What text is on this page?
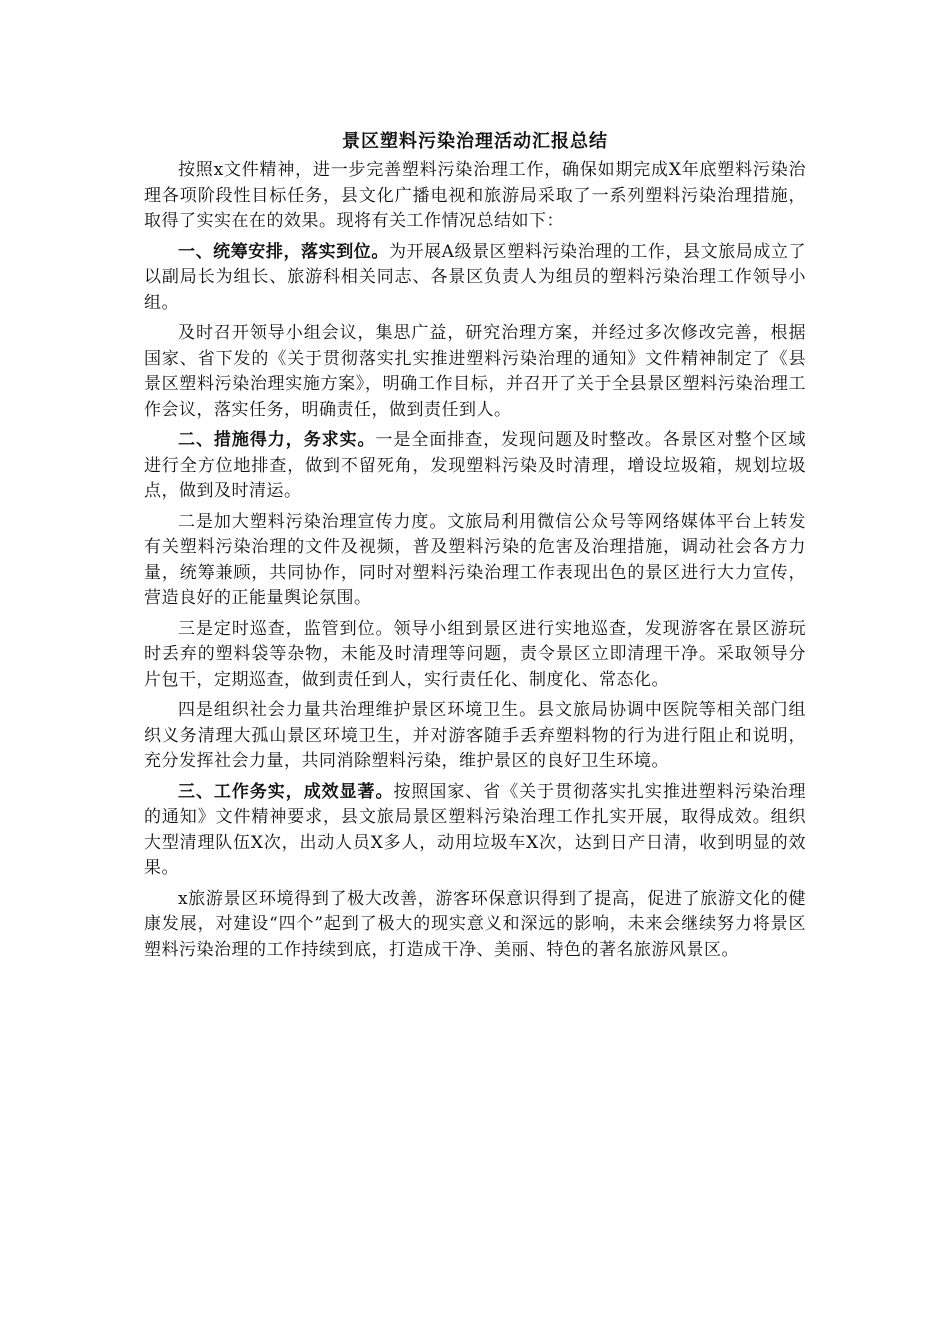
景区塑料污染治理活动汇报总结

按照x文件精神，进一步完善塑料污染治理工作，确保如期完成X年底塑料污染治理各项阶段性目标任务，县文化广播电视和旅游局采取了一系列塑料污染治理措施，取得了实实在在的效果。现将有关工作情况总结如下：

一、统筹安排，落实到位。为开展A级景区塑料污染治理的工作，县文旅局成立了以副局长为组长、旅游科相关同志、各景区负责人为组员的塑料污染治理工作领导小组。

及时召开领导小组会议，集思广益，研究治理方案，并经过多次修改完善，根据国家、省下发的《关于贯彻落实扎实推进塑料污染治理的通知》文件精神制定了《县景区塑料污染治理实施方案》，明确工作目标，并召开了关于全县景区塑料污染治理工作会议，落实任务，明确责任，做到责任到人。

二、措施得力，务求实。一是全面排查，发现问题及时整改。各景区对整个区域进行全方位地排查，做到不留死角，发现塑料污染及时清理，增设垃圾箱，规划垃圾点，做到及时清运。

二是加大塑料污染治理宣传力度。文旅局利用微信公众号等网络媒体平台上转发有关塑料污染治理的文件及视频，普及塑料污染的危害及治理措施，调动社会各方力量，统筹兼顾，共同协作，同时对塑料污染治理工作表现出色的景区进行大力宣传，营造良好的正能量舆论氛围。

三是定时巡查，监管到位。领导小组到景区进行实地巡查，发现游客在景区游玩时丢弃的塑料袋等杂物，未能及时清理等问题，责令景区立即清理干净。采取领导分片包干，定期巡查，做到责任到人，实行责任化、制度化、常态化。

四是组织社会力量共治理维护景区环境卫生。县文旅局协调中医院等相关部门组织义务清理大孤山景区环境卫生，并对游客随手丢弃塑料物的行为进行阻止和说明，充分发挥社会力量，共同消除塑料污染，维护景区的良好卫生环境。

三、工作务实，成效显著。按照国家、省《关于贯彻落实扎实推进塑料污染治理的通知》文件精神要求，县文旅局景区塑料污染治理工作扎实开展，取得成效。组织大型清理队伍X次，出动人员X多人，动用垃圾车X次，达到日产日清，收到明显的效果。

x旅游景区环境得到了极大改善，游客环保意识得到了提高，促进了旅游文化的健康发展，对建设“四个”起到了极大的现实意义和深远的影响，未来会继续努力将景区塑料污染治理的工作持续到底，打造成干净、美丽、特色的著名旅游风景区。
